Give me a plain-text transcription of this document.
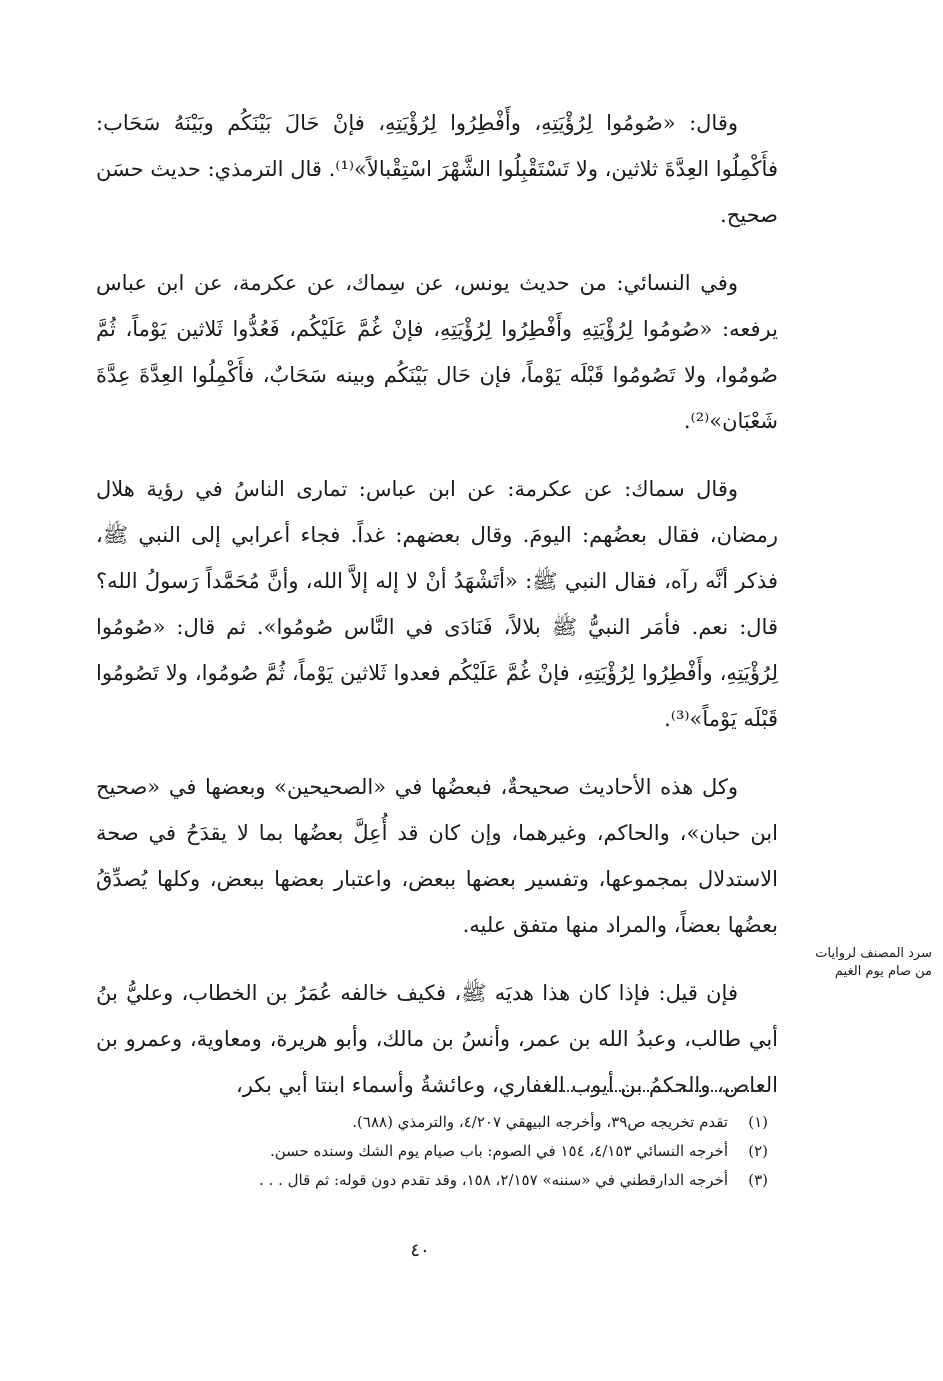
وقال: «صُومُوا لِرُؤْيَتِهِ، وأَفْطِرُوا لِرُؤْيَتِهِ، فإنْ حَالَ بَيْنَكُم وبَيْنَهُ سَحَاب: فأَكْمِلُوا العِدَّةَ ثلاثين، ولا تَسْتَقْبِلُوا الشَّهْرَ اسْتِقْبالاً»⁽¹⁾. قال الترمذي: حديث حسَن صحيح.

وفي النسائي: من حديث يونس، عن سِماك، عن عكرمة، عن ابن عباس يرفعه: «صُومُوا لِرُؤْيَتِهِ وأَفْطِرُوا لِرُؤْيَتِهِ، فإنْ غُمَّ عَلَيْكُم، فَعُدُّوا ثَلاثين يَوْماً، ثُمَّ صُومُوا، ولا تَصُومُوا قَبْلَه يَوْماً، فإن حَال بَيْنَكُم وبينه سَحَابٌ، فأَكْمِلُوا العِدَّةَ عِدَّةَ شَعْبَان»⁽²⁾.

وقال سماك: عن عكرمة: عن ابن عباس: تمارى الناسُ في رؤية هلال رمضان، فقال بعضُهم: اليومَ. وقال بعضهم: غداً. فجاء أعرابي إلى النبي ﷺ، فذكر أنَّه رآه، فقال النبي ﷺ: «أتَشْهَدُ أنْ لا إله إلاَّ الله، وأنَّ مُحَمَّداً رَسولُ الله؟ قال: نعم. فأمَر النبيُّ ﷺ بلالاً، فَنَادَى في النَّاس صُومُوا». ثم قال: «صُومُوا لِرُؤْيَتِهِ، وأَفْطِرُوا لِرُؤْيَتِهِ، فإنْ غُمَّ عَلَيْكُم فعدوا ثَلاثين يَوْماً، ثُمَّ صُومُوا، ولا تَصُومُوا قَبْلَه يَوْماً»⁽³⁾.

وكل هذه الأحاديث صحيحةٌ، فبعضُها في «الصحيحين» وبعضها في «صحيح ابن حبان»، والحاكم، وغيرهما، وإن كان قد أُعِلَّ بعضُها بما لا يقدَحُ في صحة الاستدلال بمجموعها، وتفسير بعضها ببعض، واعتبار بعضها ببعض، وكلها يُصدِّقُ بعضُها بعضاً، والمراد منها متفق عليه.

فإن قيل: فإذا كان هذا هديَه ﷺ، فكيف خالفه عُمَرُ بن الخطاب، وعليُّ بنُ أبي طالب، وعبدُ الله بن عمر، وأنسُ بن مالك، وأبو هريرة، ومعاوية، وعمرو بن العاص، والحكمُ بن أيوب الغفاري، وعائشةُ وأسماء ابنتا أبي بكر،

سرد المصنف لروايات
من صام يوم الغيم
(١)
تقدم تخريجه ص٣٩، وأخرجه البيهقي ٤/٢٠٧، والترمذي (٦٨٨).
(٢)
أخرجه النسائي ٤/١٥٣، ١٥٤ في الصوم: باب صيام يوم الشك وسنده حسن.
(٣)
أخرجه الدارقطني في «سننه» ٢/١٥٧، ١٥٨، وقد تقدم دون قوله: ثم قال . . .
٤٠
